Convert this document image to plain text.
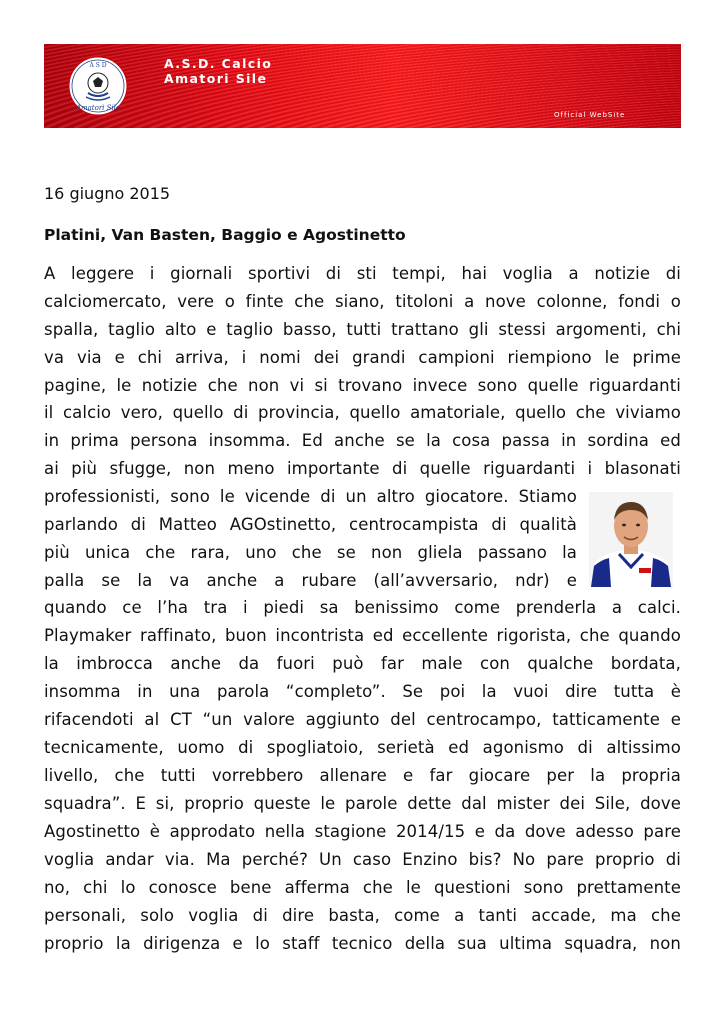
A S D
Amatori Sile
A.S.D. Calcio
Amatori Sile
Official WebSite
16 giugno 2015
Platini, Van Basten, Baggio e Agostinetto
A leggere i giornali sportivi di sti tempi, hai voglia a notizie di
calciomercato, vere o finte che siano, titoloni a nove colonne, fondi o
spalla, taglio alto e taglio basso, tutti trattano gli stessi argomenti, chi
va via e chi arriva, i nomi dei grandi campioni riempiono le prime
pagine, le notizie che non vi si trovano invece sono quelle riguardanti
il calcio vero, quello di provincia, quello amatoriale, quello che viviamo
in prima persona insomma. Ed anche se la cosa passa in sordina ed
ai più sfugge, non meno importante di quelle riguardanti i blasonati
professionisti, sono le vicende di un altro giocatore. Stiamo
parlando di Matteo AGOstinetto, centrocampista di qualità
più unica che rara, uno che se non gliela passano la
palla se la va anche a rubare (all’avversario, ndr) e
quando ce l’ha tra i piedi sa benissimo come prenderla a calci.
Playmaker raffinato, buon incontrista ed eccellente rigorista, che quando
la imbrocca anche da fuori può far male con qualche bordata,
insomma in una parola “completo”. Se poi la vuoi dire tutta è
rifacendoti al CT “un valore aggiunto del centrocampo, tatticamente e
tecnicamente, uomo di spogliatoio, serietà ed agonismo di altissimo
livello, che tutti vorrebbero allenare e far giocare per la propria
squadra”. E si, proprio queste le parole dette dal mister dei Sile, dove
Agostinetto è approdato nella stagione 2014/15 e da dove adesso pare
voglia andar via. Ma perché? Un caso Enzino bis? No pare proprio di
no, chi lo conosce bene afferma che le questioni sono prettamente
personali, solo voglia di dire basta, come a tanti accade, ma che
proprio la dirigenza e lo staff tecnico della sua ultima squadra, non
